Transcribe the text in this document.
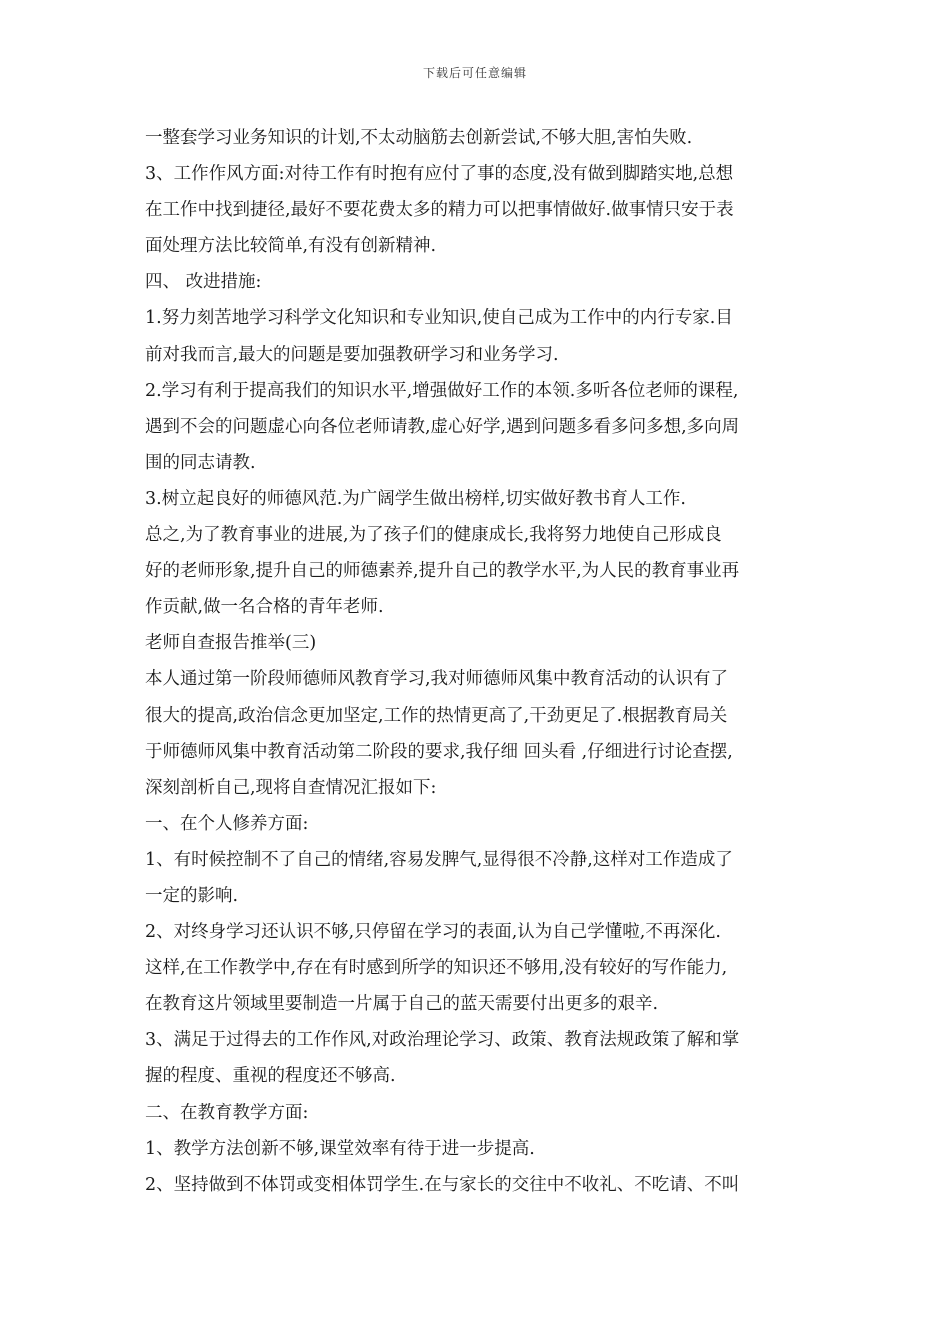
下载后可任意编辑
一整套学习业务知识的计划,不太动脑筋去创新尝试,不够大胆,害怕失败.
3、工作作风方面:对待工作有时抱有应付了事的态度,没有做到脚踏实地,总想
在工作中找到捷径,最好不要花费太多的精力可以把事情做好.做事情只安于表
面处理方法比较简单,有没有创新精神.
四、 改进措施:
1.努力刻苦地学习科学文化知识和专业知识,使自己成为工作中的内行专家.目
前对我而言,最大的问题是要加强教研学习和业务学习.
2.学习有利于提高我们的知识水平,增强做好工作的本领.多听各位老师的课程,
遇到不会的问题虚心向各位老师请教,虚心好学,遇到问题多看多问多想,多向周
围的同志请教.
3.树立起良好的师德风范.为广阔学生做出榜样,切实做好教书育人工作.
总之,为了教育事业的进展,为了孩子们的健康成长,我将努力地使自己形成良
好的老师形象,提升自己的师德素养,提升自己的教学水平,为人民的教育事业再
作贡献,做一名合格的青年老师.
老师自查报告推举(三)
本人通过第一阶段师德师风教育学习,我对师德师风集中教育活动的认识有了
很大的提高,政治信念更加坚定,工作的热情更高了,干劲更足了.根据教育局关
于师德师风集中教育活动第二阶段的要求,我仔细 回头看 ,仔细进行讨论查摆,
深刻剖析自己,现将自查情况汇报如下:
一、在个人修养方面:
1、有时候控制不了自己的情绪,容易发脾气,显得很不冷静,这样对工作造成了
一定的影响.
2、对终身学习还认识不够,只停留在学习的表面,认为自己学懂啦,不再深化.
这样,在工作教学中,存在有时感到所学的知识还不够用,没有较好的写作能力,
在教育这片领域里要制造一片属于自己的蓝天需要付出更多的艰辛.
3、满足于过得去的工作作风,对政治理论学习、政策、教育法规政策了解和掌
握的程度、重视的程度还不够高.
二、在教育教学方面:
1、教学方法创新不够,课堂效率有待于进一步提高.
2、坚持做到不体罚或变相体罚学生.在与家长的交往中不收礼、不吃请、不叫
